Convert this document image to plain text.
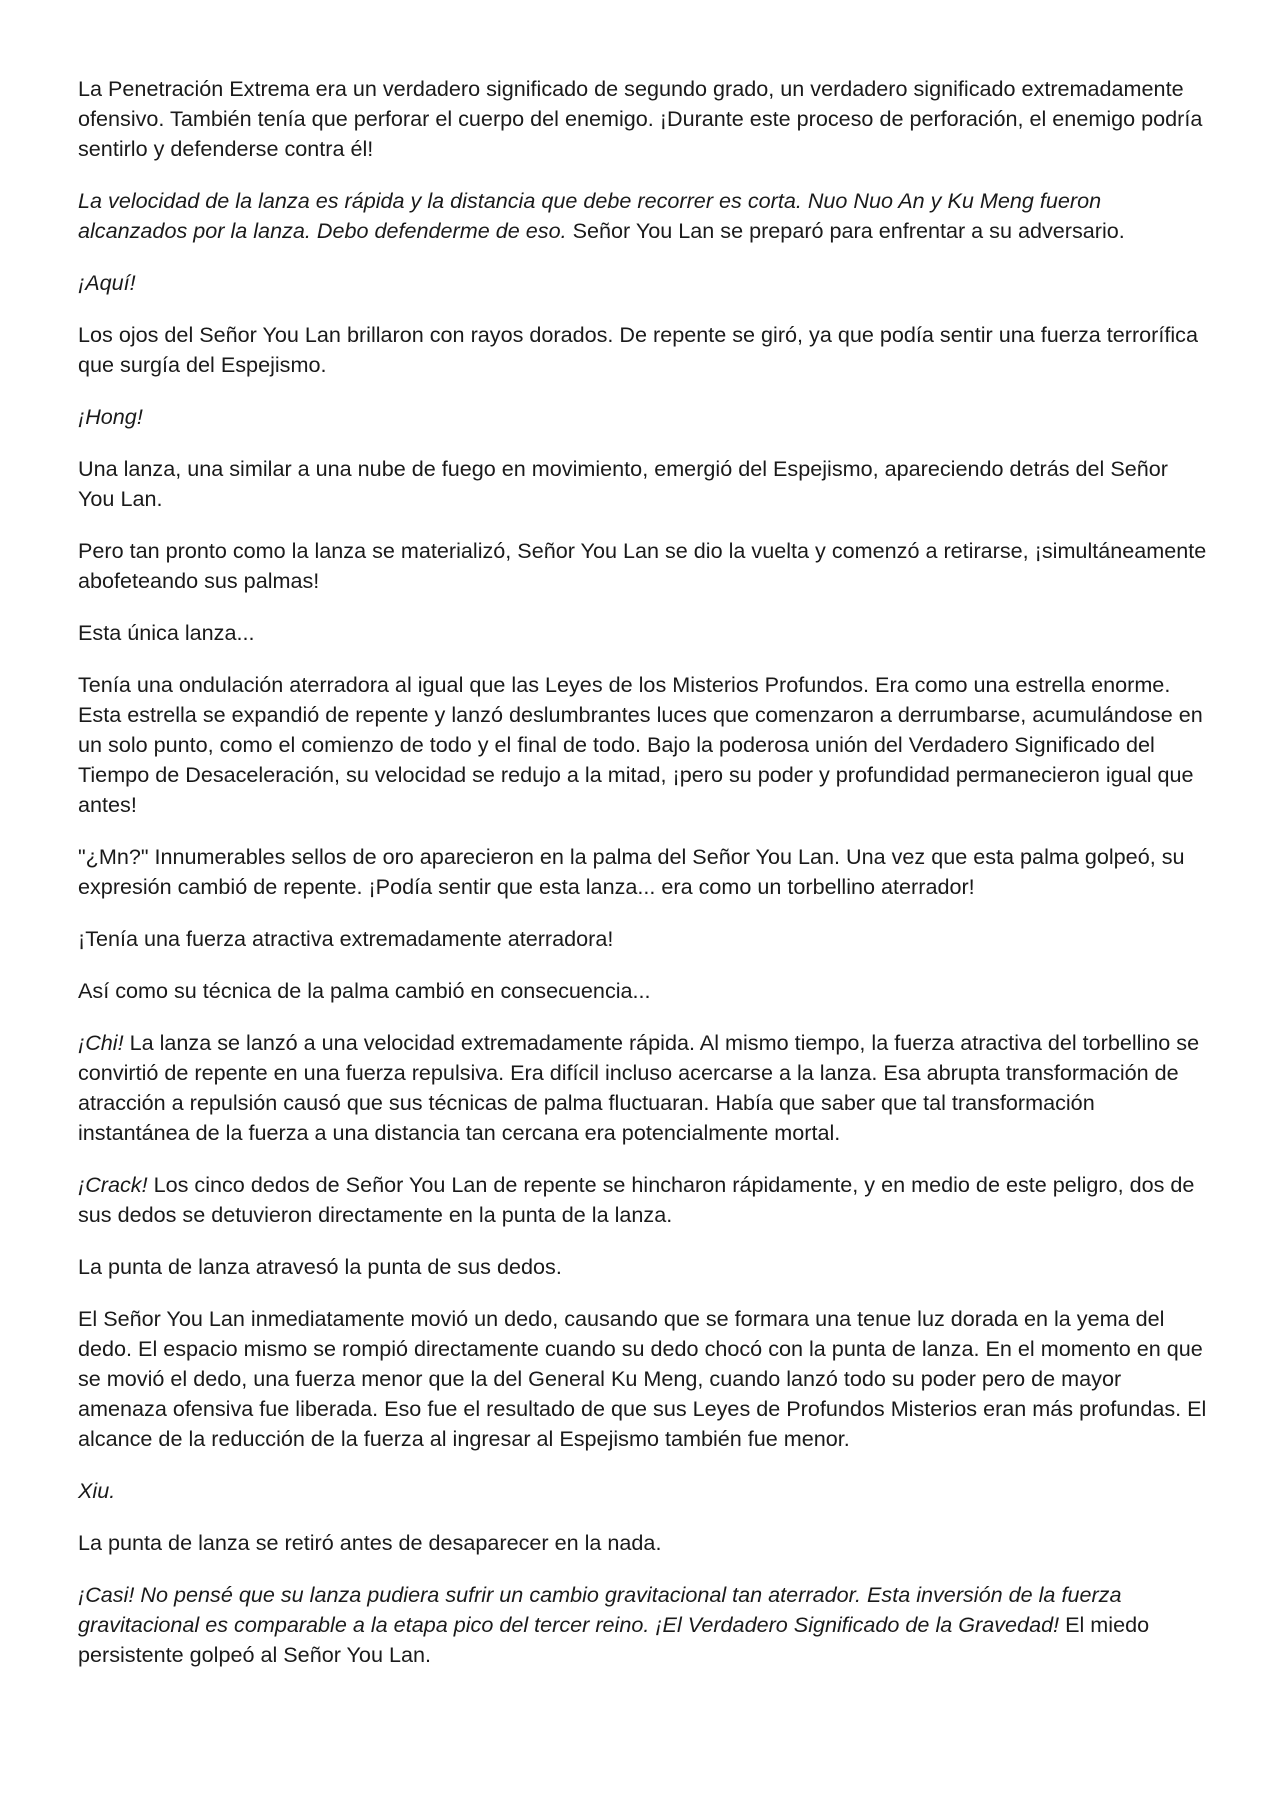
La Penetración Extrema era un verdadero significado de segundo grado, un verdadero significado extremadamente ofensivo. También tenía que perforar el cuerpo del enemigo. ¡Durante este proceso de perforación, el enemigo podría sentirlo y defenderse contra él!

La velocidad de la lanza es rápida y la distancia que debe recorrer es corta. Nuo Nuo An y Ku Meng fueron alcanzados por la lanza. Debo defenderme de eso. Señor You Lan se preparó para enfrentar a su adversario.

¡Aquí!

Los ojos del Señor You Lan brillaron con rayos dorados. De repente se giró, ya que podía sentir una fuerza terrorífica que surgía del Espejismo.

¡Hong!

Una lanza, una similar a una nube de fuego en movimiento, emergió del Espejismo, apareciendo detrás del Señor You Lan.

Pero tan pronto como la lanza se materializó, Señor You Lan se dio la vuelta y comenzó a retirarse, ¡simultáneamente abofeteando sus palmas!

Esta única lanza...

Tenía una ondulación aterradora al igual que las Leyes de los Misterios Profundos. Era como una estrella enorme. Esta estrella se expandió de repente y lanzó deslumbrantes luces que comenzaron a derrumbarse, acumulándose en un solo punto, como el comienzo de todo y el final de todo. Bajo la poderosa unión del Verdadero Significado del Tiempo de Desaceleración, su velocidad se redujo a la mitad, ¡pero su poder y profundidad permanecieron igual que antes!

"¿Mn?" Innumerables sellos de oro aparecieron en la palma del Señor You Lan. Una vez que esta palma golpeó, su expresión cambió de repente. ¡Podía sentir que esta lanza... era como un torbellino aterrador!

¡Tenía una fuerza atractiva extremadamente aterradora!

Así como su técnica de la palma cambió en consecuencia...

¡Chi! La lanza se lanzó a una velocidad extremadamente rápida. Al mismo tiempo, la fuerza atractiva del torbellino se convirtió de repente en una fuerza repulsiva. Era difícil incluso acercarse a la lanza. Esa abrupta transformación de atracción a repulsión causó que sus técnicas de palma fluctuaran. Había que saber que tal transformación instantánea de la fuerza a una distancia tan cercana era potencialmente mortal.

¡Crack! Los cinco dedos de Señor You Lan de repente se hincharon rápidamente, y en medio de este peligro, dos de sus dedos se detuvieron directamente en la punta de la lanza.

La punta de lanza atravesó la punta de sus dedos.

El Señor You Lan inmediatamente movió un dedo, causando que se formara una tenue luz dorada en la yema del dedo. El espacio mismo se rompió directamente cuando su dedo chocó con la punta de lanza. En el momento en que se movió el dedo, una fuerza menor que la del General Ku Meng, cuando lanzó todo su poder pero de mayor amenaza ofensiva fue liberada. Eso fue el resultado de que sus Leyes de Profundos Misterios eran más profundas. El alcance de la reducción de la fuerza al ingresar al Espejismo también fue menor.

Xiu.

La punta de lanza se retiró antes de desaparecer en la nada.

¡Casi! No pensé que su lanza pudiera sufrir un cambio gravitacional tan aterrador. Esta inversión de la fuerza gravitacional es comparable a la etapa pico del tercer reino. ¡El Verdadero Significado de la Gravedad! El miedo persistente golpeó al Señor You Lan.
